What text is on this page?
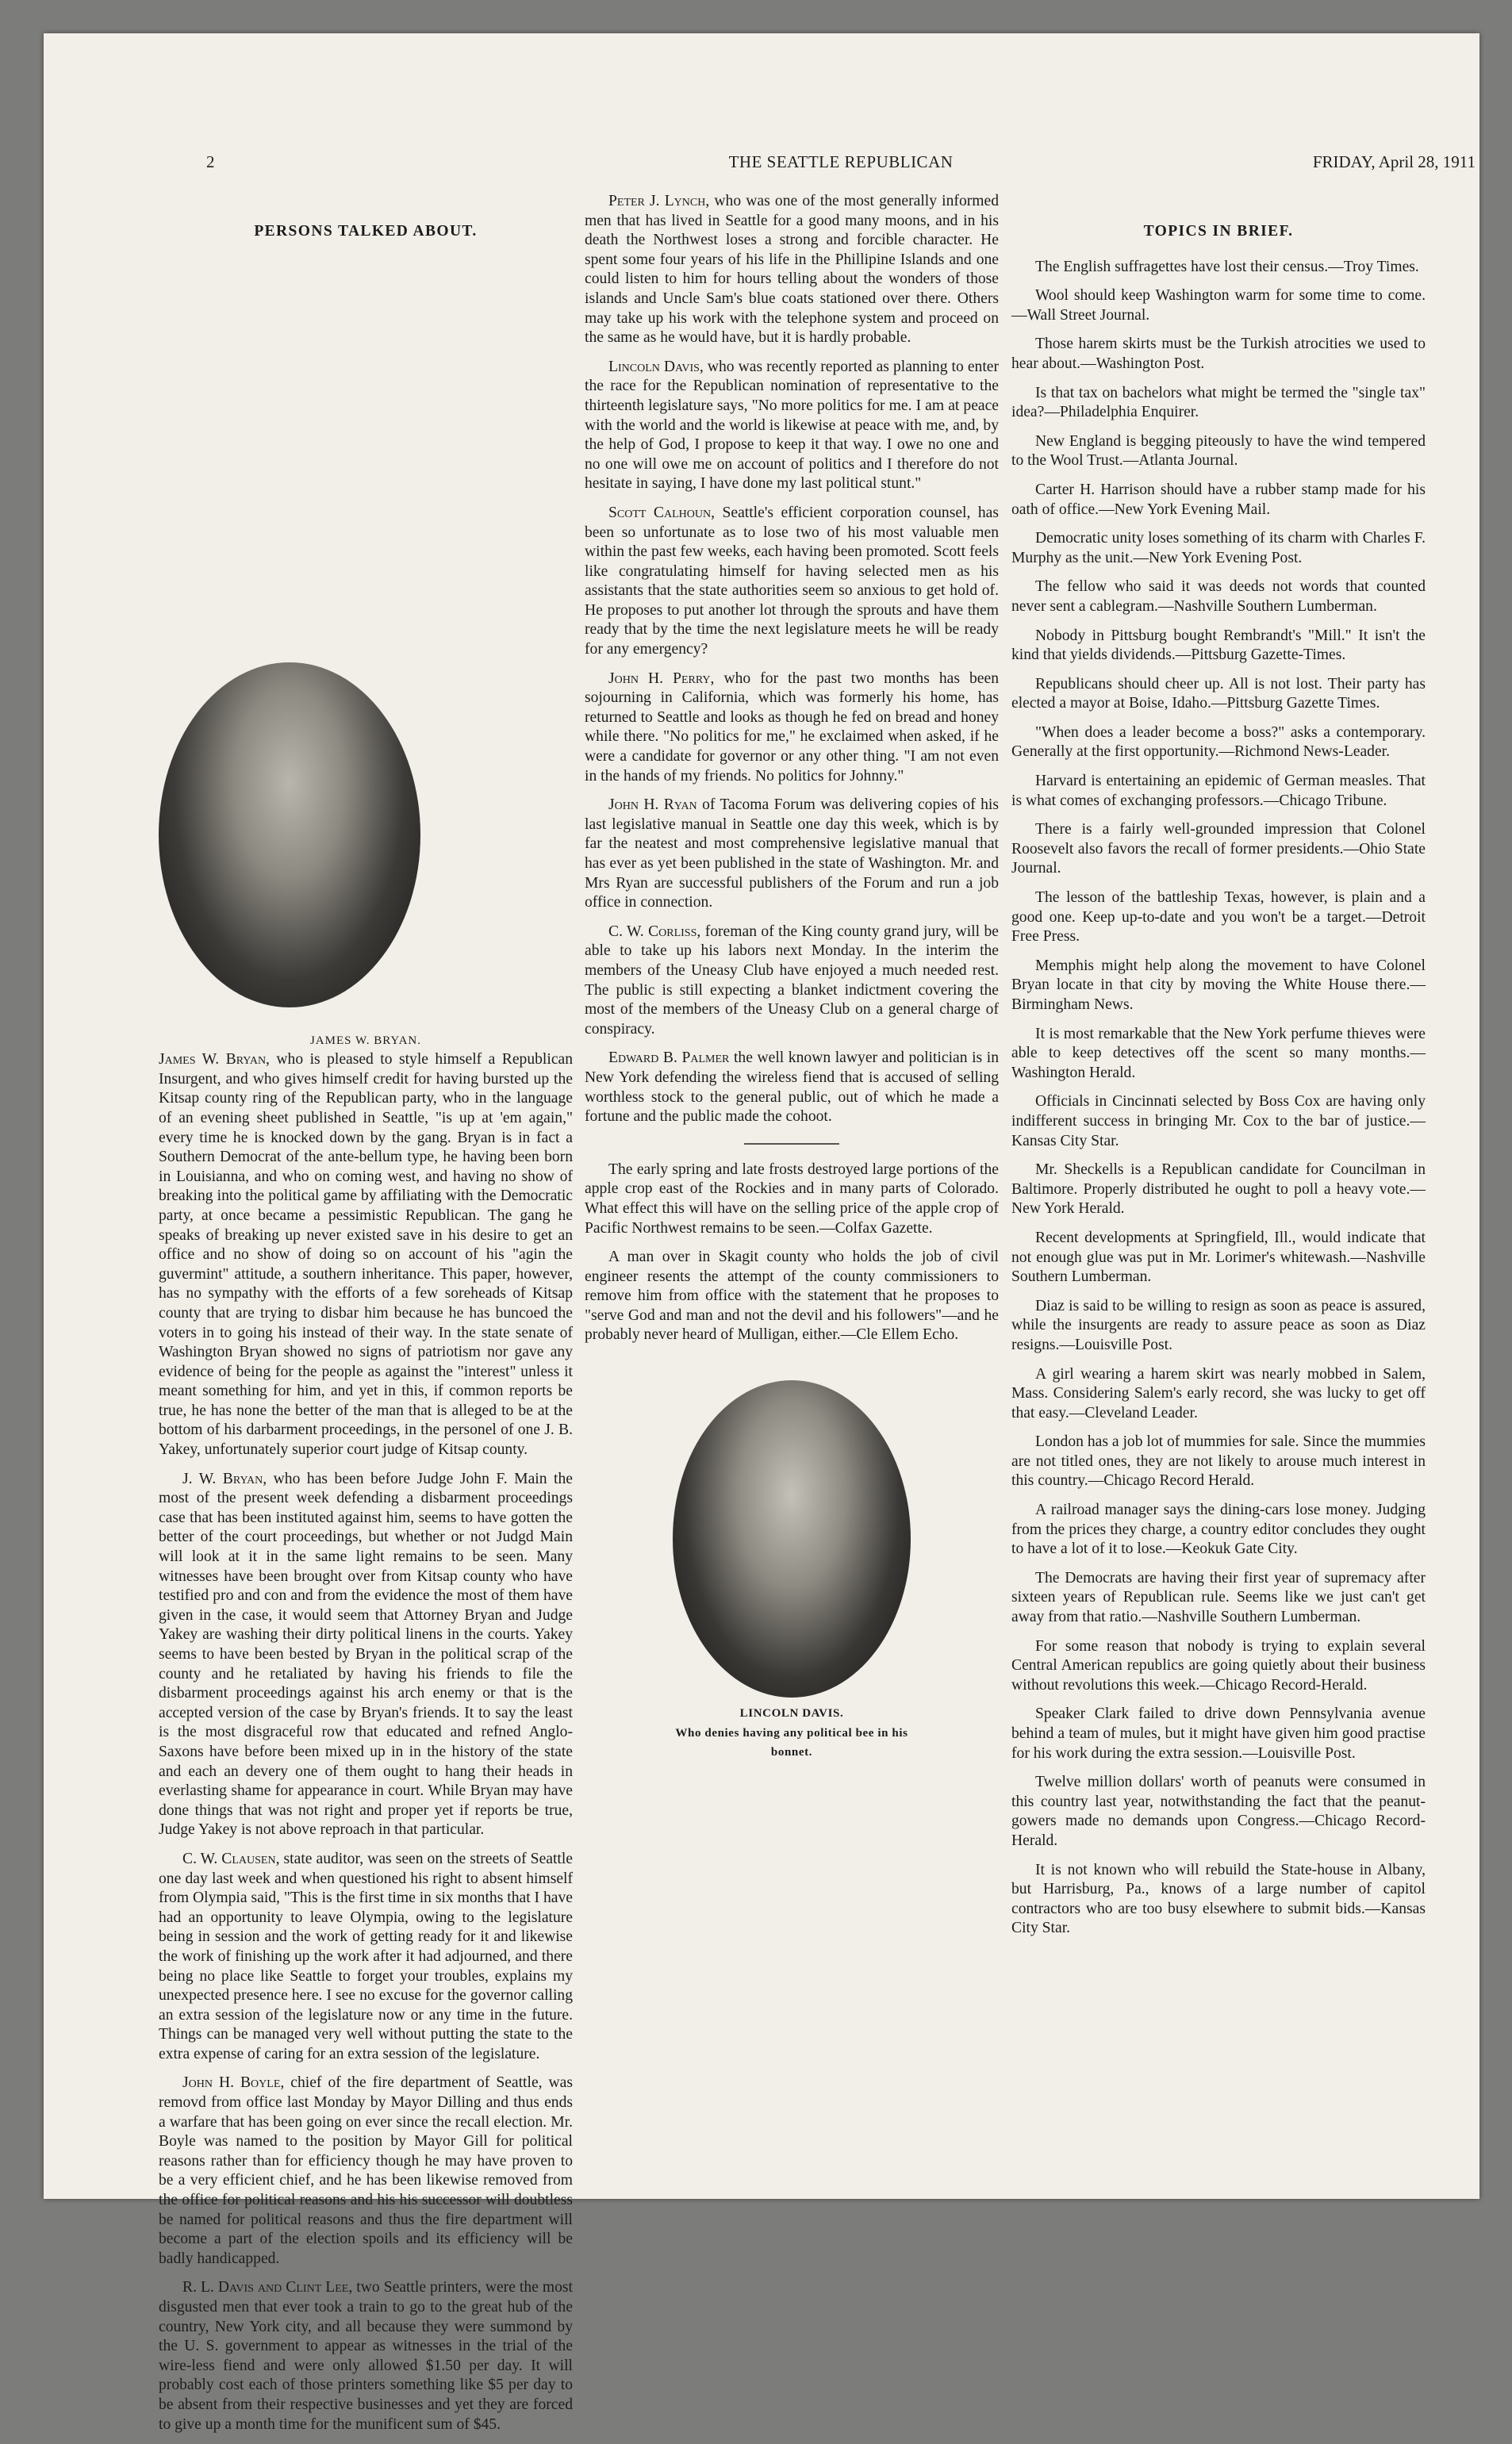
2	THE SEATTLE REPUBLICAN	FRIDAY, April 28, 1911
PERSONS TALKED ABOUT.

JAMES W. BRYAN.
James W. Bryan, who is pleased to style himself a Republican Insurgent, and who gives himself credit for having bursted up the Kitsap county ring of the Republican party, who in the language of an evening sheet published in Seattle, "is up at 'em again," every time he is knocked down by the gang. Bryan is in fact a Southern Democrat of the ante-bellum type, he having been born in Louisianna, and who on coming west, and having no show of breaking into the political game by affiliating with the Democratic party, at once became a pessimistic Republican. The gang he speaks of breaking up never existed save in his desire to get an office and no show of doing so on account of his "agin the guvermint" attitude, a southern inheritance. This paper, however, has no sympathy with the efforts of a few soreheads of Kitsap county that are trying to disbar him because he has buncoed the voters in to going his instead of their way. In the state senate of Washington Bryan showed no signs of patriotism nor gave any evidence of being for the people as against the "interest" unless it meant something for him, and yet in this, if common reports be true, he has none the better of the man that is alleged to be at the bottom of his darbarment proceedings, in the personel of one J. B. Yakey, unfortunately superior court judge of Kitsap county.

J. W. Bryan, who has been before Judge John F. Main the most of the present week defending a disbarment proceedings case that has been instituted against him, seems to have gotten the better of the court proceedings, but whether or not Judgd Main will look at it in the same light remains to be seen. Many witnesses have been brought over from Kitsap county who have testified pro and con and from the evidence the most of them have given in the case, it would seem that Attorney Bryan and Judge Yakey are washing their dirty political linens in the courts. Yakey seems to have been bested by Bryan in the political scrap of the county and he retaliated by having his friends to file the disbarment proceedings against his arch enemy or that is the accepted version of the case by Bryan's friends. It to say the least is the most disgraceful row that educated and refned Anglo-Saxons have before been mixed up in in the history of the state and each an devery one of them ought to hang their heads in everlasting shame for appearance in court. While Bryan may have done things that was not right and proper yet if reports be true, Judge Yakey is not above reproach in that particular.

C. W. Clausen, state auditor, was seen on the streets of Seattle one day last week and when questioned his right to absent himself from Olympia said, "This is the first time in six months that I have had an opportunity to leave Olympia, owing to the legislature being in session and the work of getting ready for it and likewise the work of finishing up the work after it had adjourned, and there being no place like Seattle to forget your troubles, explains my unexpected presence here. I see no excuse for the governor calling an extra session of the legislature now or any time in the future. Things can be managed very well without putting the state to the extra expense of caring for an extra session of the legislature.

John H. Boyle, chief of the fire department of Seattle, was removd from office last Monday by Mayor Dilling and thus ends a warfare that has been going on ever since the recall election. Mr. Boyle was named to the position by Mayor Gill for political reasons rather than for efficiency though he may have proven to be a very efficient chief, and he has been likewise removed from the office for political reasons and his his successor will doubtless be named for political reasons and thus the fire department will become a part of the election spoils and its efficiency will be badly handicapped.

R. L. Davis and Clint Lee, two Seattle printers, were the most disgusted men that ever took a train to go to the great hub of the country, New York city, and all because they were summond by the U. S. government to appear as witnesses in the trial of the wire-less fiend and were only allowed $1.50 per day. It will probably cost each of those printers something like $5 per day to be absent from their respective businesses and yet they are forced to give up a month time for the munificent sum of $45.

Peter J. Lynch, who was one of the most generally informed men that has lived in Seattle for a good many moons, and in his death the Northwest loses a strong and forcible character. He spent some four years of his life in the Phillipine Islands and one could listen to him for hours telling about the wonders of those islands and Uncle Sam's blue coats stationed over there. Others may take up his work with the telephone system and proceed on the same as he would have, but it is hardly probable.

Lincoln Davis, who was recently reported as planning to enter the race for the Republican nomination of representative to the thirteenth legislature says, "No more politics for me. I am at peace with the world and the world is likewise at peace with me, and, by the help of God, I propose to keep it that way. I owe no one and no one will owe me on account of politics and I therefore do not hesitate in saying, I have done my last political stunt."

Scott Calhoun, Seattle's efficient corporation counsel, has been so unfortunate as to lose two of his most valuable men within the past few weeks, each having been promoted. Scott feels like congratulating himself for having selected men as his assistants that the state authorities seem so anxious to get hold of. He proposes to put another lot through the sprouts and have them ready that by the time the next legislature meets he will be ready for any emergency?

John H. Perry, who for the past two months has been sojourning in California, which was formerly his home, has returned to Seattle and looks as though he fed on bread and honey while there. "No politics for me," he exclaimed when asked, if he were a candidate for governor or any other thing. "I am not even in the hands of my friends. No politics for Johnny."

John H. Ryan of Tacoma Forum was delivering copies of his last legislative manual in Seattle one day this week, which is by far the neatest and most comprehensive legislative manual that has ever as yet been published in the state of Washington. Mr. and Mrs Ryan are successful publishers of the Forum and run a job office in connection.

C. W. Corliss, foreman of the King county grand jury, will be able to take up his labors next Monday. In the interim the members of the Uneasy Club have enjoyed a much needed rest. The public is still expecting a blanket indictment covering the most of the members of the Uneasy Club on a general charge of conspiracy.

Edward B. Palmer the well known lawyer and politician is in New York defending the wireless fiend that is accused of selling worthless stock to the general public, out of which he made a fortune and the public made the cohoot.

The early spring and late frosts destroyed large portions of the apple crop east of the Rockies and in many parts of Colorado. What effect this will have on the selling price of the apple crop of Pacific Northwest remains to be seen.—Colfax Gazette.

A man over in Skagit county who holds the job of civil engineer resents the attempt of the county commissioners to remove him from office with the statement that he proposes to "serve God and man and not the devil and his followers"—and he probably never heard of Mulligan, either.—Cle Ellem Echo.

LINCOLN DAVIS.
Who denies having any political bee in his bonnet.
TOPICS IN BRIEF.

The English suffragettes have lost their census.—Troy Times.

Wool should keep Washington warm for some time to come.—Wall Street Journal.

Those harem skirts must be the Turkish atrocities we used to hear about.—Washington Post.

Is that tax on bachelors what might be termed the "single tax" idea?—Philadelphia Enquirer.

New England is begging piteously to have the wind tempered to the Wool Trust.—Atlanta Journal.

Carter H. Harrison should have a rubber stamp made for his oath of office.—New York Evening Mail.

Democratic unity loses something of its charm with Charles F. Murphy as the unit.—New York Evening Post.

The fellow who said it was deeds not words that counted never sent a cablegram.—Nashville Southern Lumberman.

Nobody in Pittsburg bought Rembrandt's "Mill." It isn't the kind that yields dividends.—Pittsburg Gazette-Times.

Republicans should cheer up. All is not lost. Their party has elected a mayor at Boise, Idaho.—Pittsburg Gazette Times.

"When does a leader become a boss?" asks a contemporary. Generally at the first opportunity.—Richmond News-Leader.

Harvard is entertaining an epidemic of German measles. That is what comes of exchanging professors.—Chicago Tribune.

There is a fairly well-grounded impression that Colonel Roosevelt also favors the recall of former presidents.—Ohio State Journal.

The lesson of the battleship Texas, however, is plain and a good one. Keep up-to-date and you won't be a target.—Detroit Free Press.

Memphis might help along the movement to have Colonel Bryan locate in that city by moving the White House there.—Birmingham News.

It is most remarkable that the New York perfume thieves were able to keep detectives off the scent so many months.—Washington Herald.

Officials in Cincinnati selected by Boss Cox are having only indifferent success in bringing Mr. Cox to the bar of justice.—Kansas City Star.

Mr. Sheckells is a Republican candidate for Councilman in Baltimore. Properly distributed he ought to poll a heavy vote.—New York Herald.

Recent developments at Springfield, Ill., would indicate that not enough glue was put in Mr. Lorimer's whitewash.—Nashville Southern Lumberman.

Diaz is said to be willing to resign as soon as peace is assured, while the insurgents are ready to assure peace as soon as Diaz resigns.—Louisville Post.

A girl wearing a harem skirt was nearly mobbed in Salem, Mass. Considering Salem's early record, she was lucky to get off that easy.—Cleveland Leader.

London has a job lot of mummies for sale. Since the mummies are not titled ones, they are not likely to arouse much interest in this country.—Chicago Record Herald.

A railroad manager says the dining-cars lose money. Judging from the prices they charge, a country editor concludes they ought to have a lot of it to lose.—Keokuk Gate City.

The Democrats are having their first year of supremacy after sixteen years of Republican rule. Seems like we just can't get away from that ratio.—Nashville Southern Lumberman.

For some reason that nobody is trying to explain several Central American republics are going quietly about their business without revolutions this week.—Chicago Record-Herald.

Speaker Clark failed to drive down Pennsylvania avenue behind a team of mules, but it might have given him good practise for his work during the extra session.—Louisville Post.

Twelve million dollars' worth of peanuts were consumed in this country last year, notwithstanding the fact that the peanut-gowers made no demands upon Congress.—Chicago Record-Herald.

It is not known who will rebuild the State-house in Albany, but Harrisburg, Pa., knows of a large number of capitol contractors who are too busy elsewhere to submit bids.—Kansas City Star.
